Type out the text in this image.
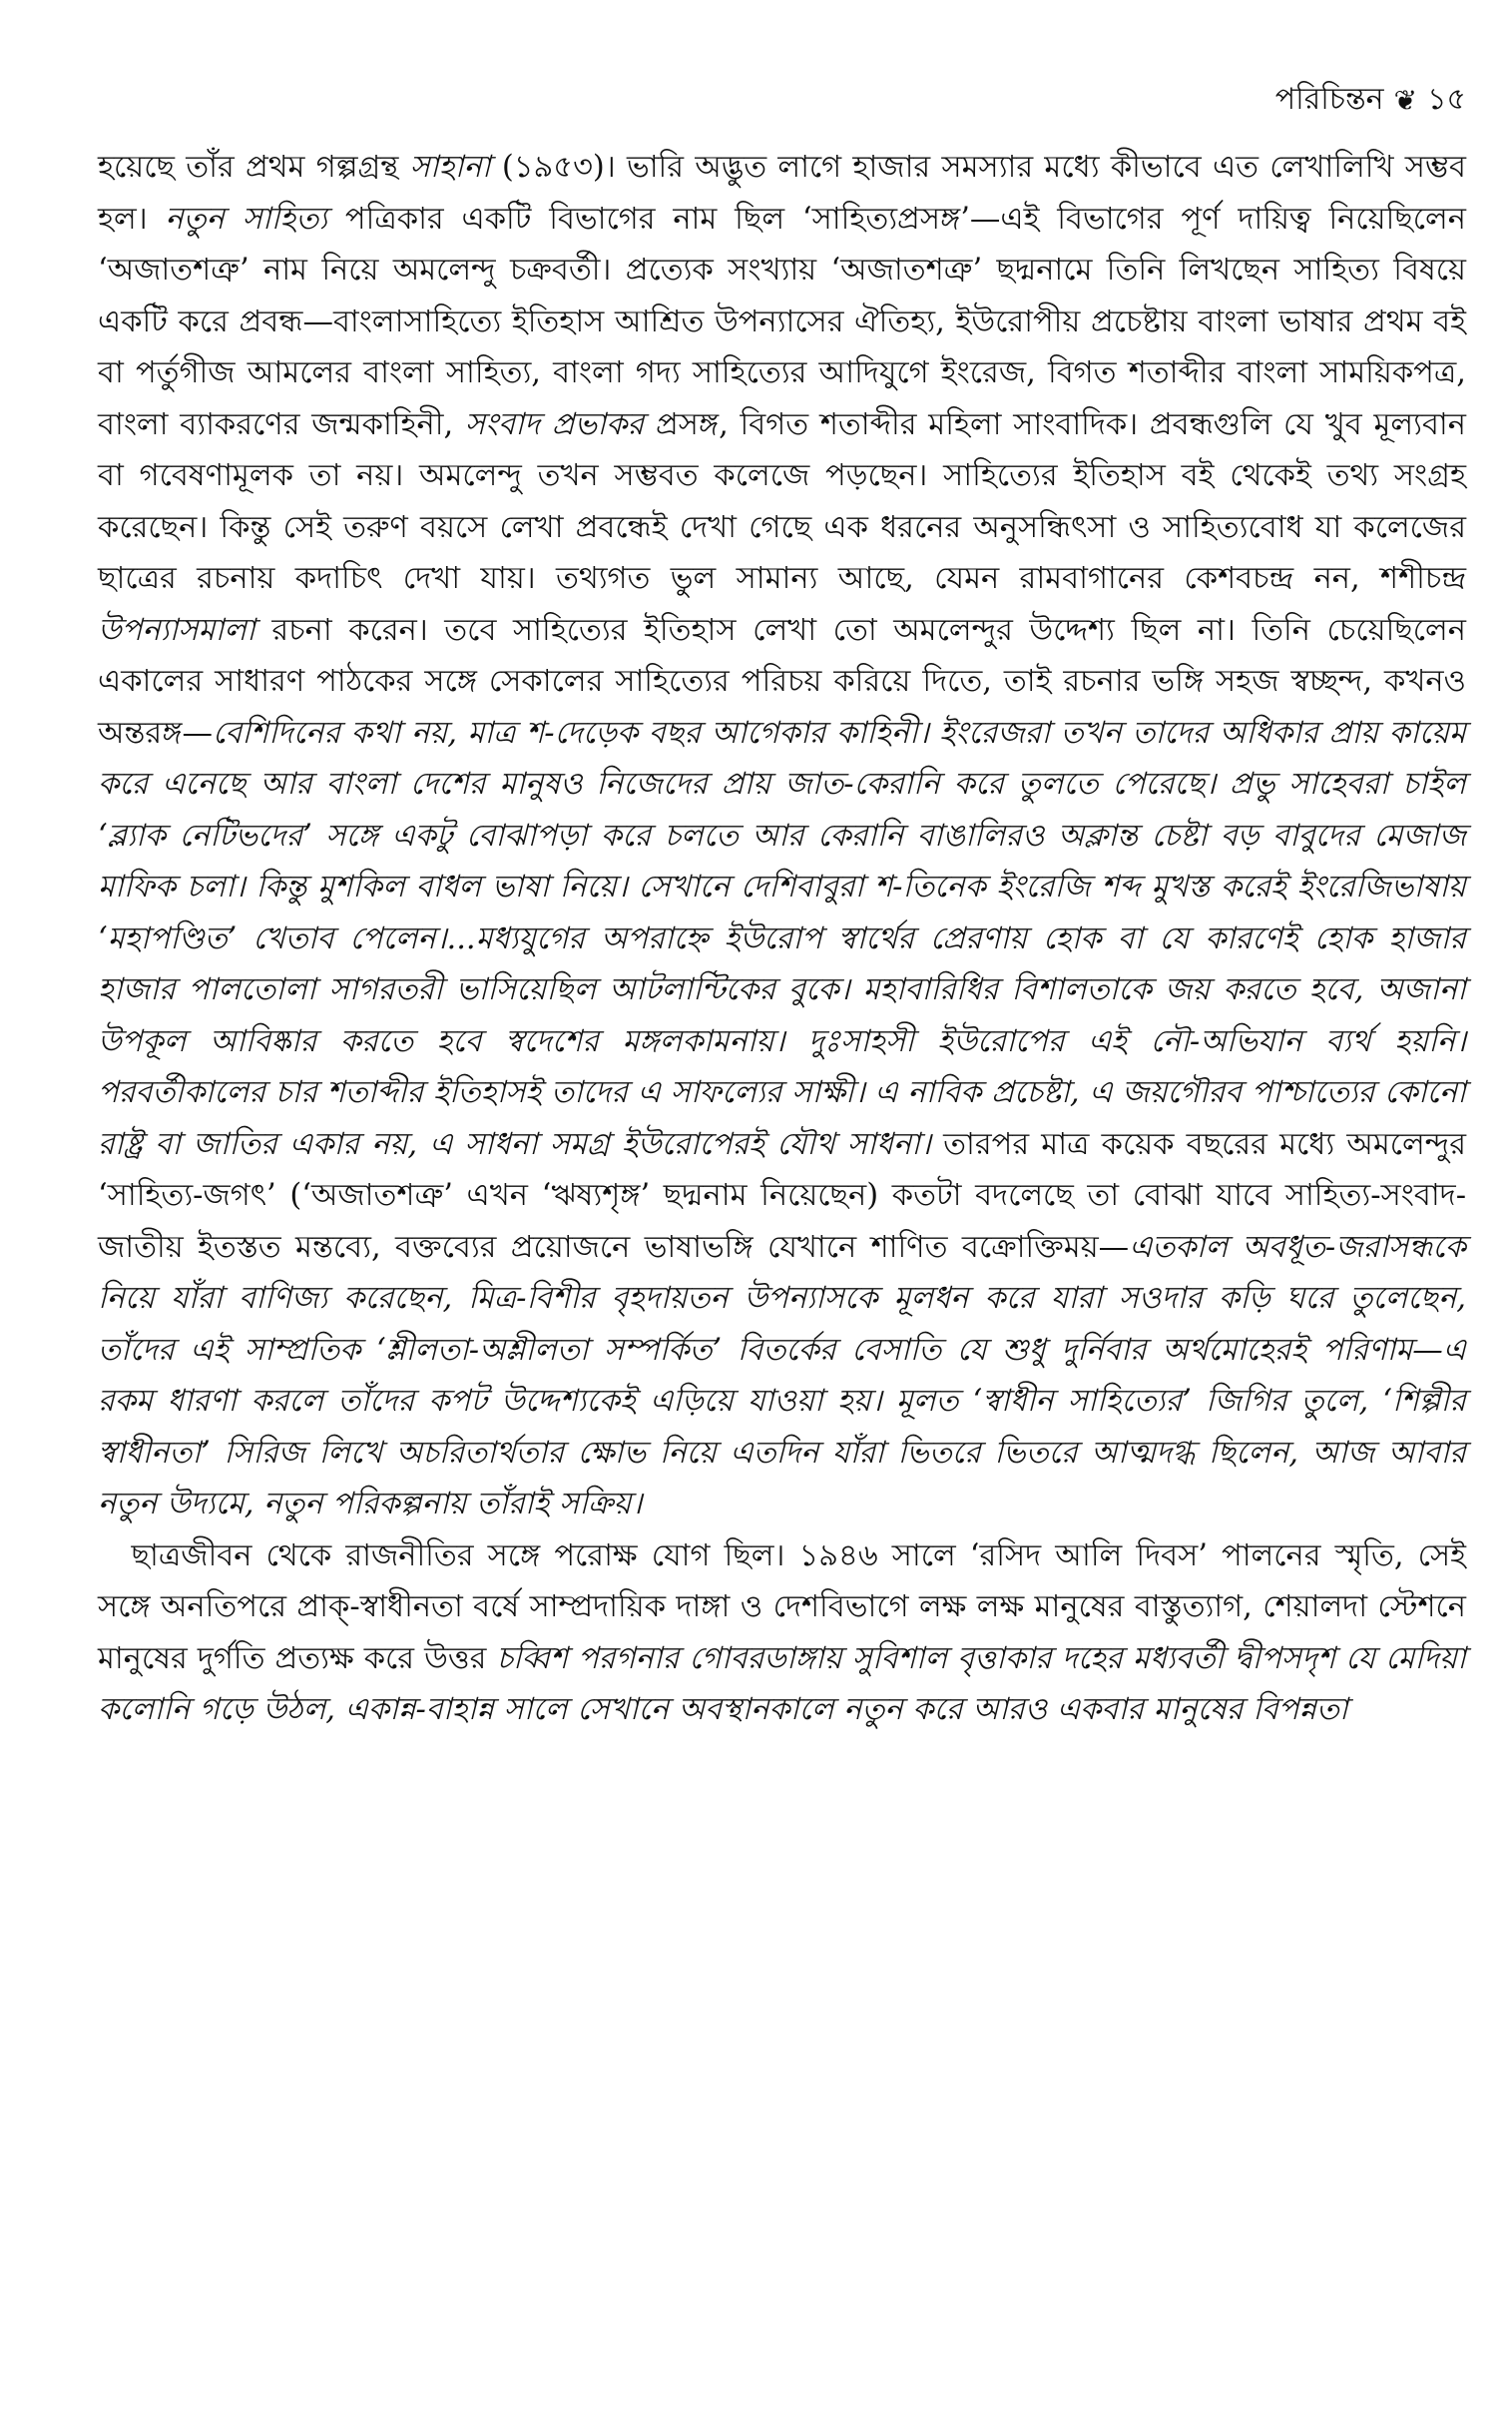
পরিচিন্তন ❦ ১৫

হয়েছে তাঁর প্রথম গল্পগ্রন্থ সাহানা (১৯৫৩)। ভারি অদ্ভুত লাগে হাজার সমস্যার মধ্যে কীভাবে এত লেখালিখি সম্ভব হল। নতুন সাহিত্য পত্রিকার একটি বিভাগের নাম ছিল ‘সাহিত্যপ্রসঙ্গ’—এই বিভাগের পূর্ণ দায়িত্ব নিয়েছিলেন ‘অজাতশত্রু’ নাম নিয়ে অমলেন্দু চক্রবর্তী। প্রত্যেক সংখ্যায় ‘অজাতশত্রু’ ছদ্মনামে তিনি লিখছেন সাহিত্য বিষয়ে একটি করে প্রবন্ধ—বাংলাসাহিত্যে ইতিহাস আশ্রিত উপন্যাসের ঐতিহ্য, ইউরোপীয় প্রচেষ্টায় বাংলা ভাষার প্রথম বই বা পর্তুগীজ আমলের বাংলা সাহিত্য, বাংলা গদ্য সাহিত্যের আদিযুগে ইংরেজ, বিগত শতাব্দীর বাংলা সাময়িকপত্র, বাংলা ব্যাকরণের জন্মকাহিনী, সংবাদ প্রভাকর প্রসঙ্গ, বিগত শতাব্দীর মহিলা সাংবাদিক। প্রবন্ধগুলি যে খুব মূল্যবান বা গবেষণামূলক তা নয়। অমলেন্দু তখন সম্ভবত কলেজে পড়ছেন। সাহিত্যের ইতিহাস বই থেকেই তথ্য সংগ্রহ করেছেন। কিন্তু সেই তরুণ বয়সে লেখা প্রবন্ধেই দেখা গেছে এক ধরনের অনুসন্ধিৎসা ও সাহিত্যবোধ যা কলেজের ছাত্রের রচনায় কদাচিৎ দেখা যায়। তথ্যগত ভুল সামান্য আছে, যেমন রামবাগানের কেশবচন্দ্র নন, শশীচন্দ্র উপন্যাসমালা রচনা করেন। তবে সাহিত্যের ইতিহাস লেখা তো অমলেন্দুর উদ্দেশ্য ছিল না। তিনি চেয়েছিলেন একালের সাধারণ পাঠকের সঙ্গে সেকালের সাহিত্যের পরিচয় করিয়ে দিতে, তাই রচনার ভঙ্গি সহজ স্বচ্ছন্দ, কখনও অন্তরঙ্গ—বেশিদিনের কথা নয়, মাত্র শ-দেড়েক বছর আগেকার কাহিনী। ইংরেজরা তখন তাদের অধিকার প্রায় কায়েম করে এনেছে আর বাংলা দেশের মানুষও নিজেদের প্রায় জাত-কেরানি করে তুলতে পেরেছে। প্রভু সাহেবরা চাইল ‘ব্ল্যাক নেটিভদের’ সঙ্গে একটু বোঝাপড়া করে চলতে আর কেরানি বাঙালিরও অক্লান্ত চেষ্টা বড় বাবুদের মেজাজ মাফিক চলা। কিন্তু মুশকিল বাধল ভাষা নিয়ে। সেখানে দেশিবাবুরা শ-তিনেক ইংরেজি শব্দ মুখস্ত করেই ইংরেজিভাষায় ‘মহাপণ্ডিত’ খেতাব পেলেন।...মধ্যযুগের অপরাহ্নে ইউরোপ স্বার্থের প্রেরণায় হোক বা যে কারণেই হোক হাজার হাজার পালতোলা সাগরতরী ভাসিয়েছিল আটলান্টিকের বুকে। মহাবারিধির বিশালতাকে জয় করতে হবে, অজানা উপকূল আবিষ্কার করতে হবে স্বদেশের মঙ্গলকামনায়। দুঃসাহসী ইউরোপের এই নৌ-অভিযান ব্যর্থ হয়নি। পরবর্তীকালের চার শতাব্দীর ইতিহাসই তাদের এ সাফল্যের সাক্ষী। এ নাবিক প্রচেষ্টা, এ জয়গৌরব পাশ্চাত্যের কোনো রাষ্ট্র বা জাতির একার নয়, এ সাধনা সমগ্র ইউরোপেরই যৌথ সাধনা। তারপর মাত্র কয়েক বছরের মধ্যে অমলেন্দুর ‘সাহিত্য-জগৎ’ (‘অজাতশত্রু’ এখন ‘ঋষ্যশৃঙ্গ’ ছদ্মনাম নিয়েছেন) কতটা বদলেছে তা বোঝা যাবে সাহিত্য-সংবাদ-জাতীয় ইতস্তত মন্তব্যে, বক্তব্যের প্রয়োজনে ভাষাভঙ্গি যেখানে শাণিত বক্রোক্তিময়—এতকাল অবধূত-জরাসন্ধকে নিয়ে যাঁরা বাণিজ্য করেছেন, মিত্র-বিশীর বৃহদায়তন উপন্যাসকে মূলধন করে যারা সওদার কড়ি ঘরে তুলেছেন, তাঁদের এই সাম্প্রতিক ‘শ্লীলতা-অশ্লীলতা সম্পর্কিত’ বিতর্কের বেসাতি যে শুধু দুর্নিবার অর্থমোহেরই পরিণাম—এ রকম ধারণা করলে তাঁদের কপট উদ্দেশ্যকেই এড়িয়ে যাওয়া হয়। মূলত ‘স্বাধীন সাহিত্যের’ জিগির তুলে, ‘শিল্পীর স্বাধীনতা’ সিরিজ লিখে অচরিতার্থতার ক্ষোভ নিয়ে এতদিন যাঁরা ভিতরে ভিতরে আত্মদগ্ধ ছিলেন, আজ আবার নতুন উদ্যমে, নতুন পরিকল্পনায় তাঁরাই সক্রিয়।

ছাত্রজীবন থেকে রাজনীতির সঙ্গে পরোক্ষ যোগ ছিল। ১৯৪৬ সালে ‘রসিদ আলি দিবস’ পালনের স্মৃতি, সেই সঙ্গে অনতিপরে প্রাক্-স্বাধীনতা বর্ষে সাম্প্রদায়িক দাঙ্গা ও দেশবিভাগে লক্ষ লক্ষ মানুষের বাস্তুত্যাগ, শেয়ালদা স্টেশনে মানুষের দুর্গতি প্রত্যক্ষ করে উত্তর চব্বিশ পরগনার গোবরডাঙ্গায় সুবিশাল বৃত্তাকার দহের মধ্যবর্তী দ্বীপসদৃশ যে মেদিয়া কলোনি গড়ে উঠল, একান্ন-বাহান্ন সালে সেখানে অবস্থানকালে নতুন করে আরও একবার মানুষের বিপন্নতা
